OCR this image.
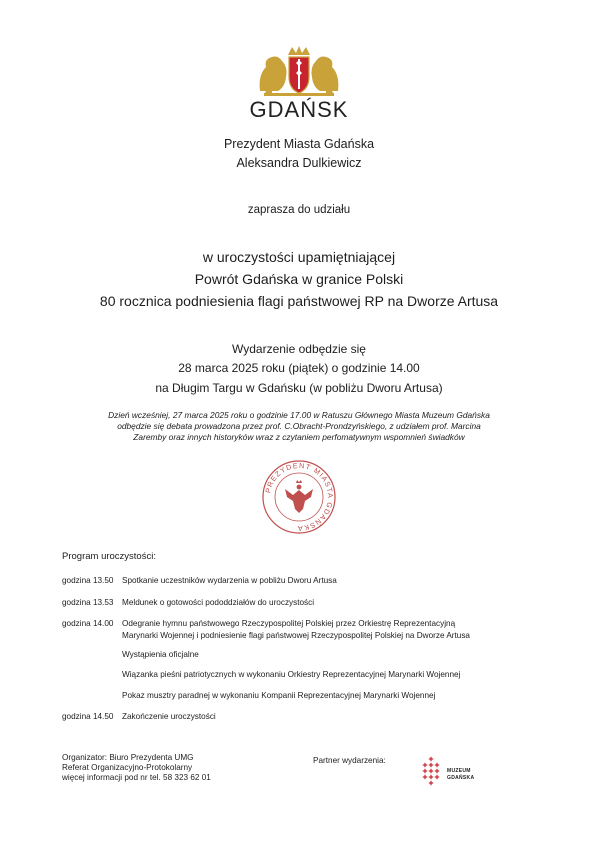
GDAŃSK
Prezydent Miasta Gdańska
Aleksandra Dulkiewicz
zaprasza do udziału
w uroczystości upamiętniającej
Powrót Gdańska w granice Polski
80 rocznica podniesienia flagi państwowej RP na Dworze Artusa
Wydarzenie odbędzie się
28 marca 2025 roku (piątek) o godzinie 14.00
na Długim Targu w Gdańsku (w pobliżu Dworu Artusa)
Dzień wcześniej, 27 marca 2025 roku o godzinie 17.00 w Ratuszu Głównego Miasta Muzeum Gdańska
odbędzie się debata prowadzona przez prof. C.Obracht-Prondzyńskiego, z udziałem prof. Marcina
Zaremby oraz innych historyków wraz z czytaniem perfomatywnym wspomnień świadków
PREZYDENT MIASTA GDAŃSKA
Program uroczystości:
godzina 13.50	Spotkanie uczestników wydarzenia w pobliżu Dworu Artusa
godzina 13.53	Meldunek o gotowości pododdziałów do uroczystości
godzina 14.00	Odegranie hymnu państwowego Rzeczypospolitej Polskiej przez Orkiestrę Reprezentacyjną
Marynarki Wojennej i podniesienie flagi państwowej Rzeczypospolitej Polskiej na Dworze Artusa
Wystąpienia oficjalne
Wiązanka pieśni patriotycznych w wykonaniu Orkiestry Reprezentacyjnej Marynarki Wojennej
Pokaz musztry paradnej w wykonaniu Kompanii Reprezentacyjnej Marynarki Wojennej
godzina 14.50	Zakończenie uroczystości
Organizator: Biuro Prezydenta UMG
Referat Organizacyjno-Protokolarny
więcej informacji pod nr tel. 58 323 62 01
Partner wydarzenia:
MUZEUM
GDAŃSKA
